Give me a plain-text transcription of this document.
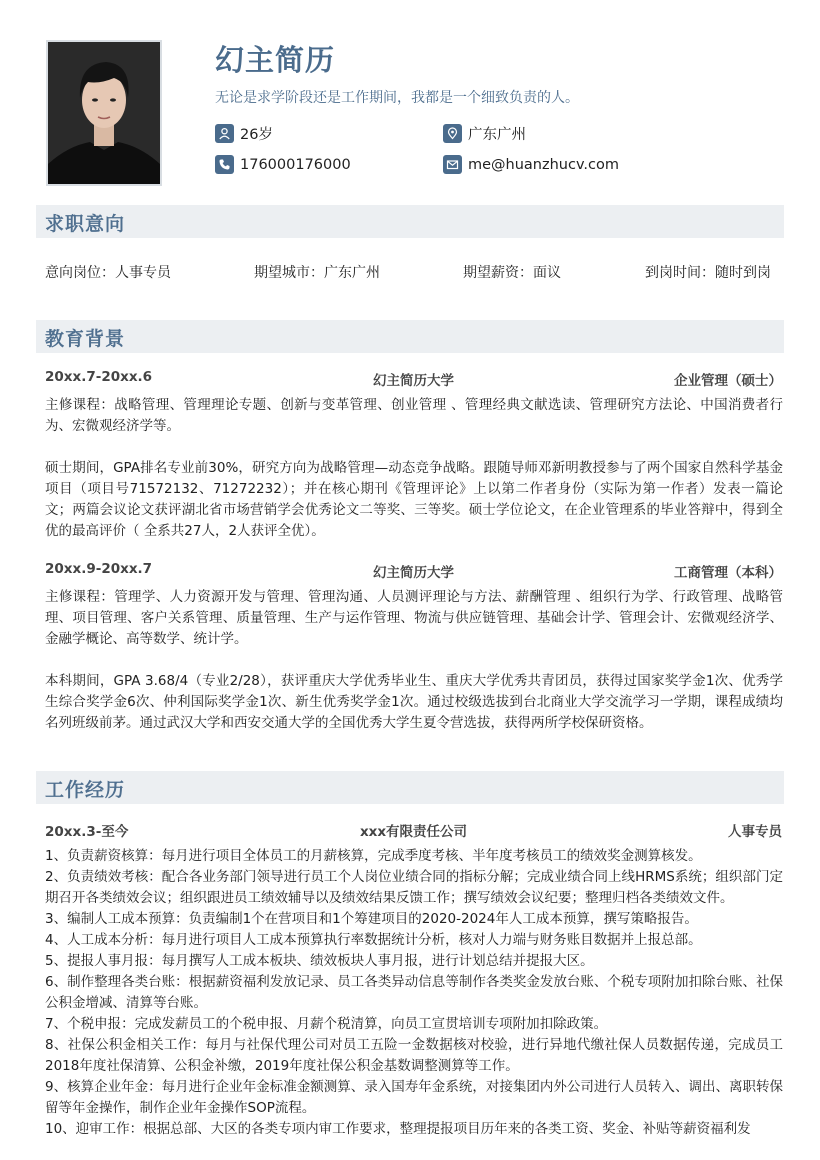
幻主简历
无论是求学阶段还是工作期间，我都是一个细致负责的人。
26岁	广东广州
176000176000	me@huanzhucv.com
求职意向
意向岗位：人事专员	期望城市：广东广州	期望薪资：面议	到岗时间：随时到岗
教育背景
20xx.7-20xx.6	幻主简历大学	企业管理（硕士）

主修课程：战略管理、管理理论专题、创新与变革管理、创业管理 、管理经典文献选读、管理研究方法论、中国消费者行为、宏微观经济学等。

硕士期间，GPA排名专业前30%，研究方向为战略管理—动态竞争战略。跟随导师邓新明教授参与了两个国家自然科学基金项目（项目号71572132、71272232）；并在核心期刊《管理评论》上以第二作者身份（实际为第一作者）发表一篇论文；两篇会议论文获评湖北省市场营销学会优秀论文二等奖、三等奖。硕士学位论文，在企业管理系的毕业答辩中，得到全优的最高评价（ 全系共27人，2人获评全优）。

20xx.9-20xx.7	幻主简历大学	工商管理（本科）

主修课程：管理学、人力资源开发与管理、管理沟通、人员测评理论与方法、薪酬管理 、组织行为学、行政管理、战略管理、项目管理、客户关系管理、质量管理、生产与运作管理、物流与供应链管理、基础会计学、管理会计、宏微观经济学、金融学概论、高等数学、统计学。

本科期间，GPA 3.68/4（专业2/28），获评重庆大学优秀毕业生、重庆大学优秀共青团员，获得过国家奖学金1次、优秀学生综合奖学金6次、仲利国际奖学金1次、新生优秀奖学金1次。通过校级选拔到台北商业大学交流学习一学期，课程成绩均名列班级前茅。通过武汉大学和西安交通大学的全国优秀大学生夏令营选拔，获得两所学校保研资格。

工作经历
20xx.3-至今	xxx有限责任公司	人事专员

1、负责薪资核算：每月进行项目全体员工的月薪核算，完成季度考核、半年度考核员工的绩效奖金测算核发。

2、负责绩效考核：配合各业务部门领导进行员工个人岗位业绩合同的指标分解；完成业绩合同上线HRMS系统；组织部门定期召开各类绩效会议；组织跟进员工绩效辅导以及绩效结果反馈工作；撰写绩效会议纪要；整理归档各类绩效文件。

3、编制人工成本预算：负责编制1个在营项目和1个筹建项目的2020-2024年人工成本预算，撰写策略报告。

4、人工成本分析：每月进行项目人工成本预算执行率数据统计分析，核对人力端与财务账目数据并上报总部。

5、提报人事月报：每月撰写人工成本板块、绩效板块人事月报，进行计划总结并提报大区。

6、制作整理各类台账：根据薪资福利发放记录、员工各类异动信息等制作各类奖金发放台账、个税专项附加扣除台账、社保公积金增减、清算等台账。

7、个税申报：完成发薪员工的个税申报、月薪个税清算，向员工宣贯培训专项附加扣除政策。

8、社保公积金相关工作：每月与社保代理公司对员工五险一金数据核对校验，进行异地代缴社保人员数据传递，完成员工2018年度社保清算、公积金补缴，2019年度社保公积金基数调整测算等工作。

9、核算企业年金：每月进行企业年金标准金额测算、录入国寿年金系统，对接集团内外公司进行人员转入、调出、离职转保留等年金操作，制作企业年金操作SOP流程。

10、迎审工作：根据总部、大区的各类专项内审工作要求，整理提报项目历年来的各类工资、奖金、补贴等薪资福利发
